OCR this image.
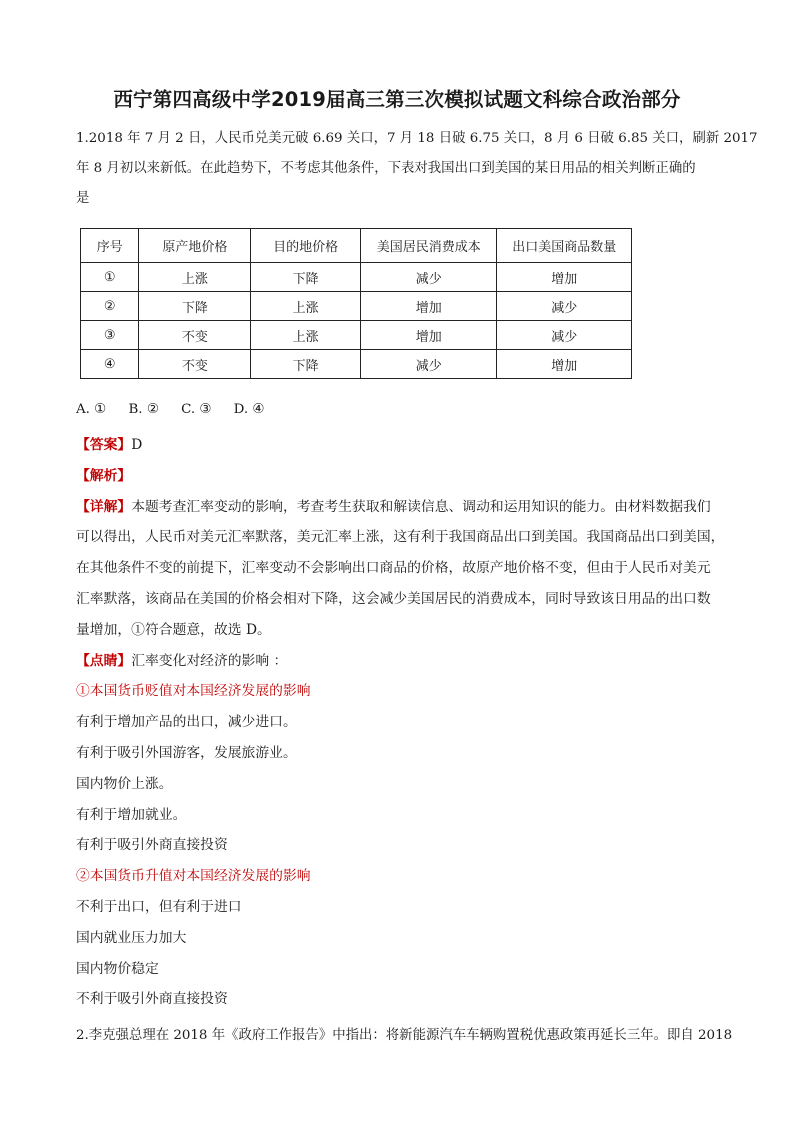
西宁第四高级中学2019届高三第三次模拟试题文科综合政治部分
1.2018 年 7 月 2 日，人民币兑美元破 6.69 关口，7 月 18 日破 6.75 关口，8 月 6 日破 6.85 关口，刷新 2017
年 8 月初以来新低。在此趋势下，不考虑其他条件，下表对我国出口到美国的某日用品的相关判断正确的
是
序号	原产地价格	目的地价格	美国居民消费成本	出口美国商品数量
①	上涨	下降	减少	增加
②	下降	上涨	增加	减少
③	不变	上涨	增加	减少
④	不变	下降	减少	增加
A. ① B. ② C. ③ D. ④
【答案】D
【解析】
【详解】本题考查汇率变动的影响，考查考生获取和解读信息、调动和运用知识的能力。由材料数据我们
可以得出，人民币对美元汇率默落，美元汇率上涨，这有利于我国商品出口到美国。我国商品出口到美国，
在其他条件不变的前提下，汇率变动不会影响出口商品的价格，故原产地价格不变，但由于人民币对美元
汇率默落，该商品在美国的价格会相对下降，这会减少美国居民的消费成本，同时导致该日用品的出口数
量增加，①符合题意，故选 D。
【点睛】汇率变化对经济的影响 ：
①本国货币贬值对本国经济发展的影响
有利于增加产品的出口，减少进口。
有利于吸引外国游客，发展旅游业。
国内物价上涨。
有利于增加就业。
有利于吸引外商直接投资
②本国货币升值对本国经济发展的影响
不利于出口，但有利于进口
国内就业压力加大
国内物价稳定
不利于吸引外商直接投资
2.李克强总理在 2018 年《政府工作报告》中指出：将新能源汽车车辆购置税优惠政策再延长三年。即自 2018
